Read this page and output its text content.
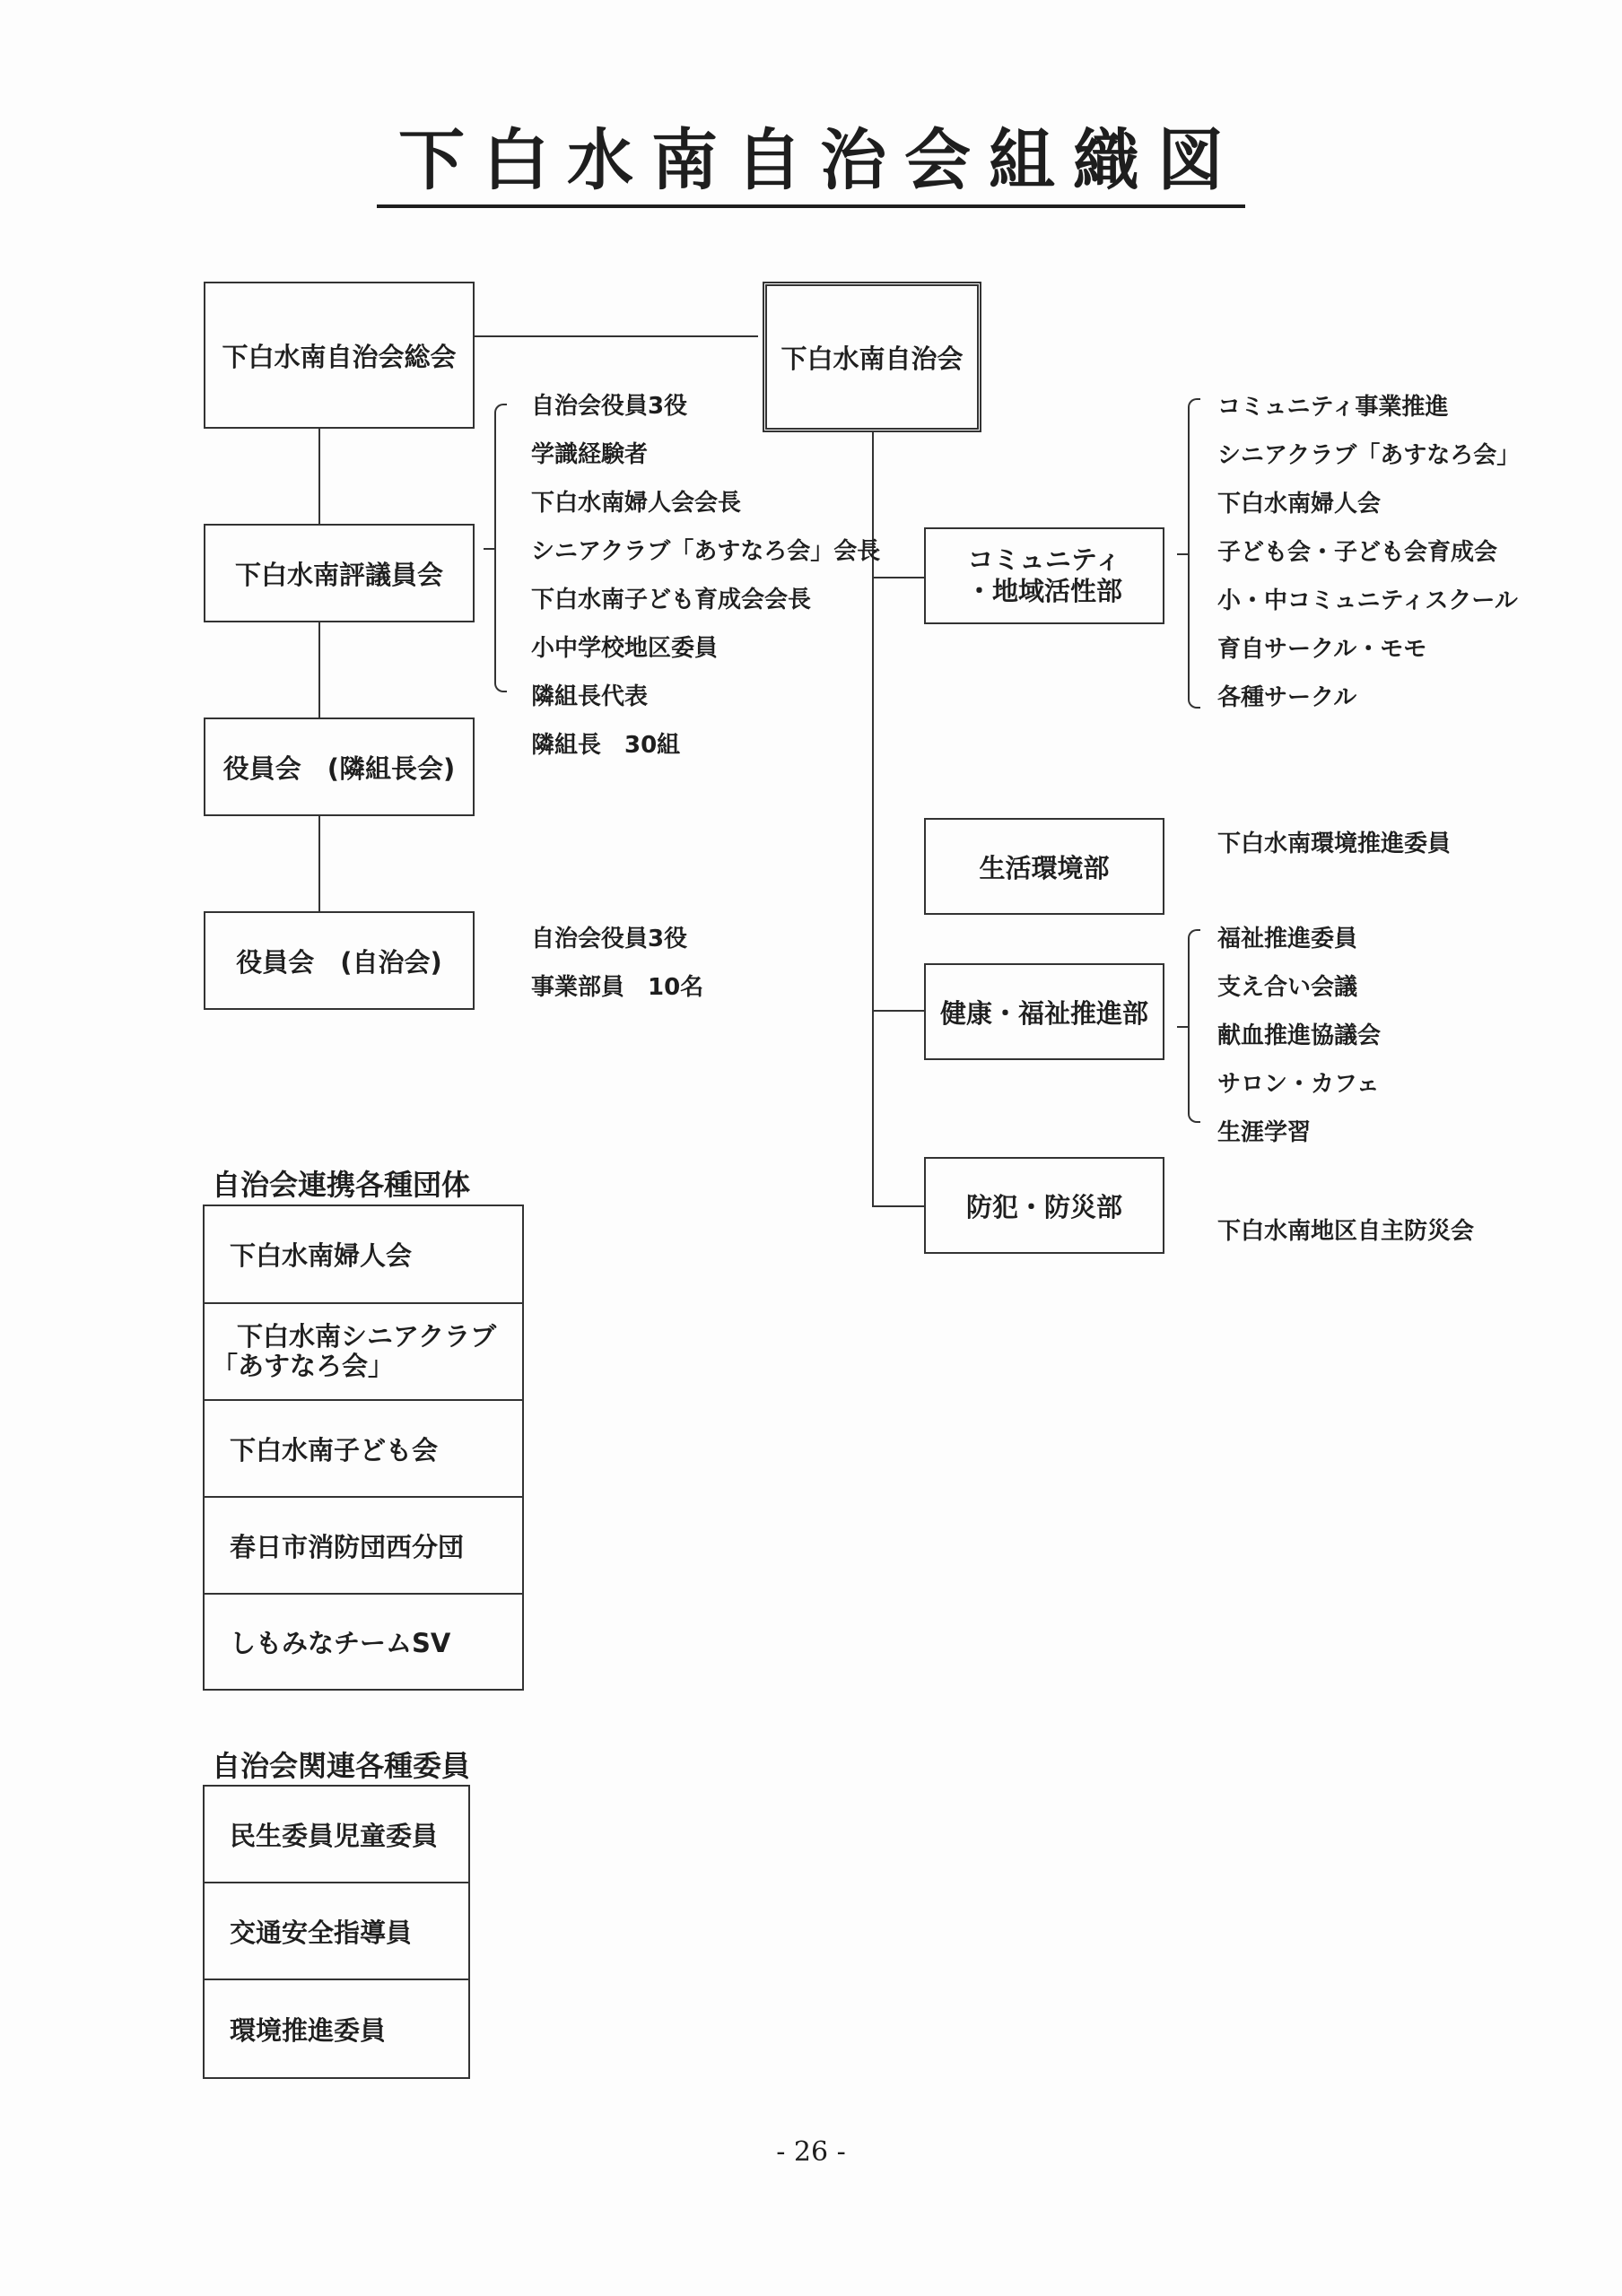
下白水南自治会組織図
下白水南自治会総会
下白水南評議員会
役員会　(隣組長会)
役員会　(自治会)
自治会役員3役
学識経験者
下白水南婦人会会長
シニアクラブ「あすなろ会」会長
下白水南子ども育成会会長
小中学校地区委員
隣組長代表
隣組長　30組
自治会役員3役
事業部員　10名
下白水南自治会
コミュニティ
・地域活性部
生活環境部
健康・福祉推進部
防犯・防災部
コミュニティ事業推進
シニアクラブ「あすなろ会」
下白水南婦人会
子ども会・子ども会育成会
小・中コミュニティスクール
育自サークル・モモ
各種サークル
下白水南環境推進委員
福祉推進委員
支え合い会議
献血推進協議会
サロン・カフェ
生涯学習
下白水南地区自主防災会
自治会連携各種団体
下白水南婦人会
下白水南シニアクラブ
「あすなろ会」
下白水南子ども会
春日市消防団西分団
しもみなチームSV
自治会関連各種委員
民生委員児童委員
交通安全指導員
環境推進委員
- 26 -
